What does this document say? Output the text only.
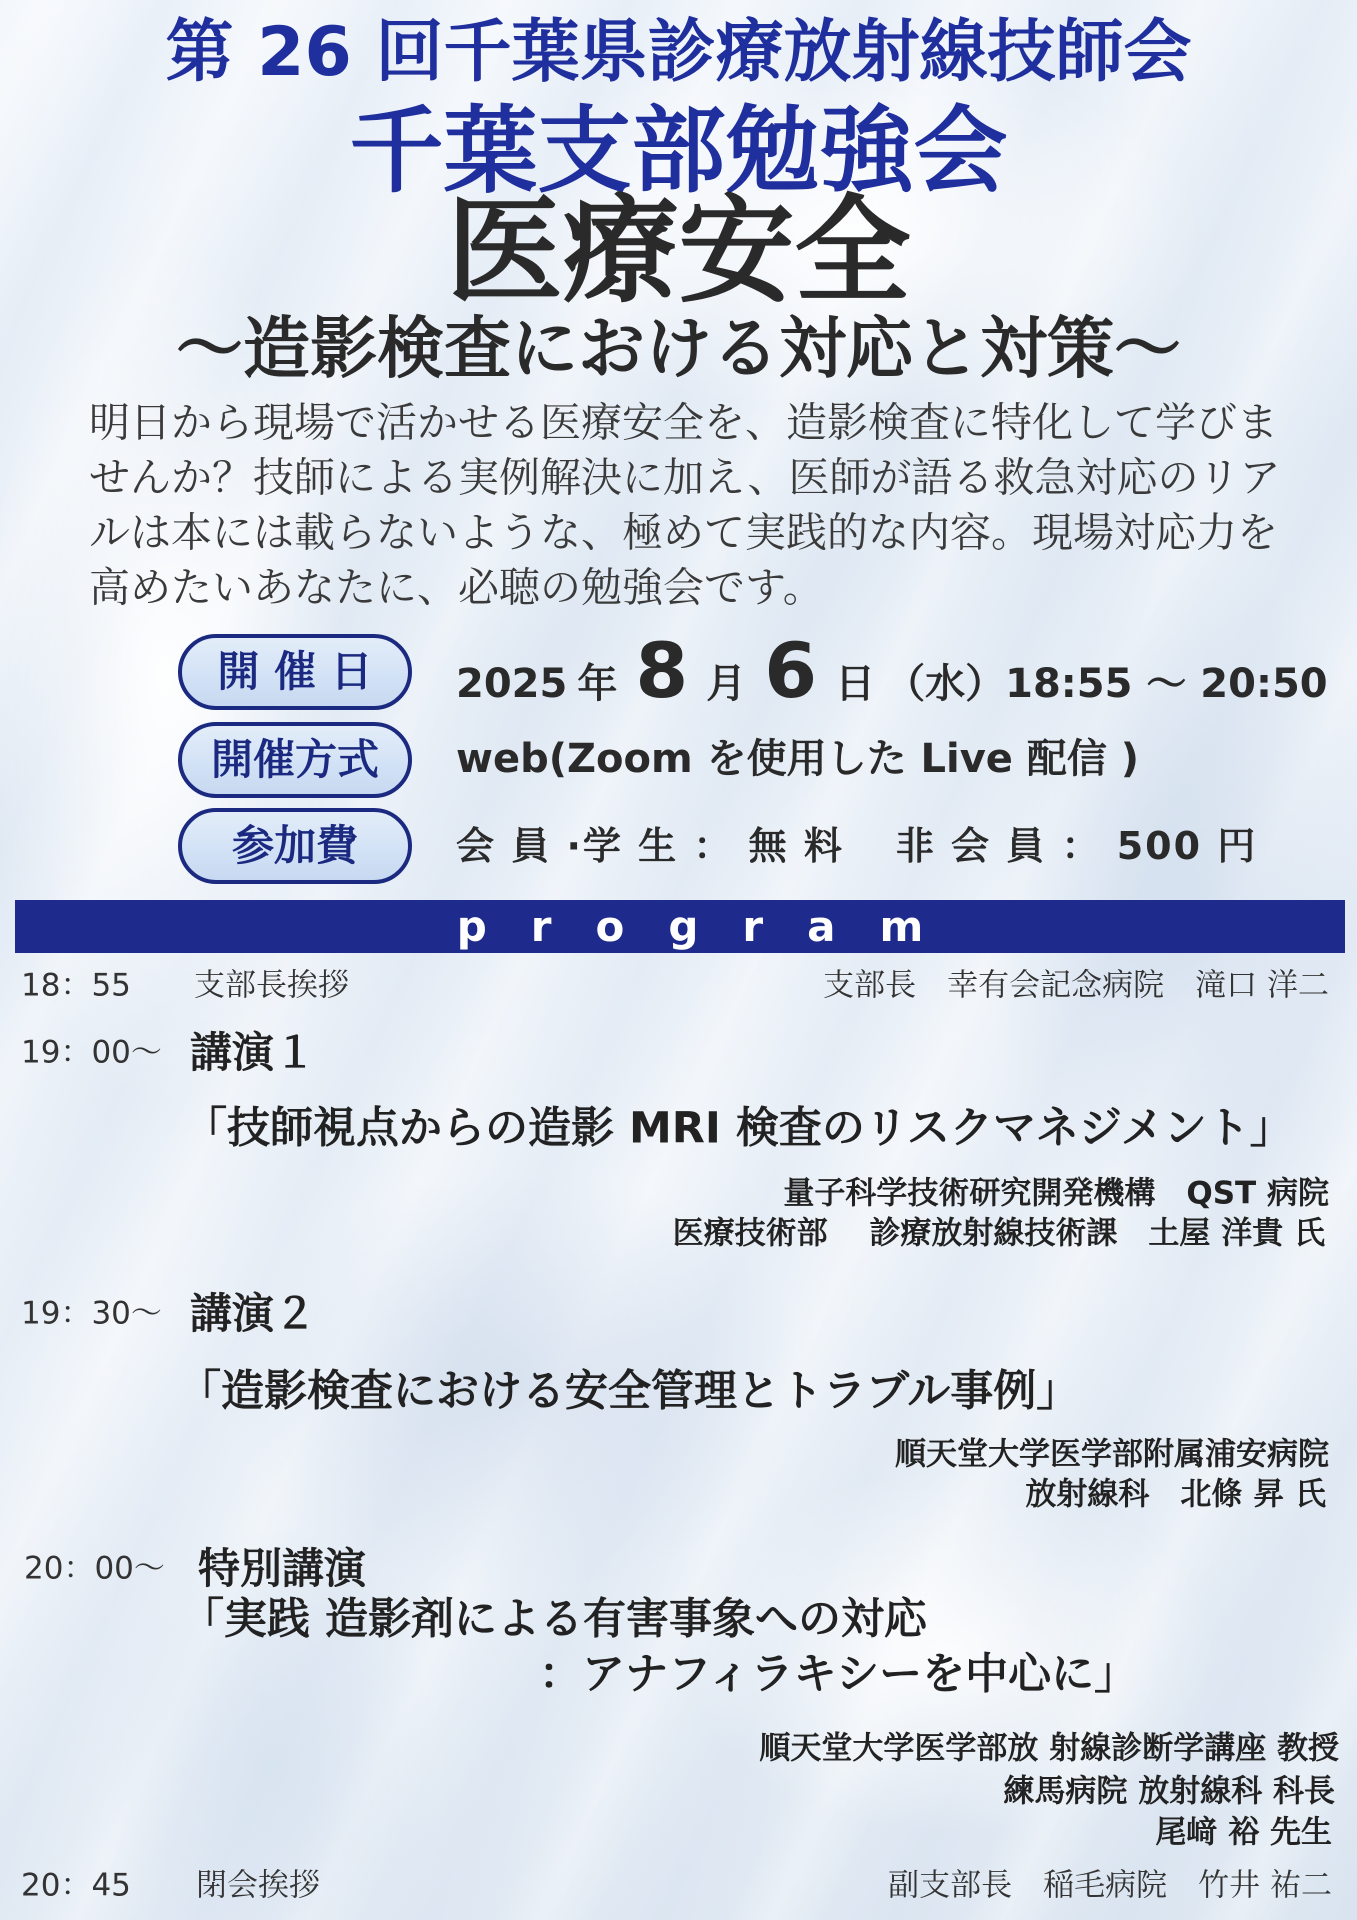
第 26 回千葉県診療放射線技師会
千葉支部勉強会
医療安全
～造影検査における対応と対策～
明日から現場で活かせる医療安全を、造影検査に特化して学びま
せんか？技師による実例解決に加え、医師が語る救急対応のリア
ルは本には載らないような、極めて実践的な内容。現場対応力を
高めたいあなたに、必聴の勉強会です。
開 催 日 2025 年 8 月 6 日 （水） 18:55 ～ 20:50
開催方式 web(Zoom を使用した Live 配信 )
参加費	会 員 ·学 生 ： 無 料 非 会 員 ： 500 円
program
18：55 支部長挨拶	支部長　幸有会記念病院　滝口 洋二
19：00～ 講演１
「技師視点からの造影 MRI 検査のリスクマネジメント」
量子科学技術研究開発機構　QST 病院
医療技術部　 診療放射線技術課　土屋 洋貴 氏
19：30～ 講演２
「造影検査における安全管理とトラブル事例」
順天堂大学医学部附属浦安病院
放射線科　北條 昇 氏
20：00～ 特別講演
「実践 造影剤による有害事象への対応
：アナフィラキシーを中心に」
順天堂大学医学部放 射線診断学講座 教授
練馬病院 放射線科 科長
尾﨑 裕 先生
20：45 閉会挨拶	副支部長　稲毛病院　竹井 祐二
